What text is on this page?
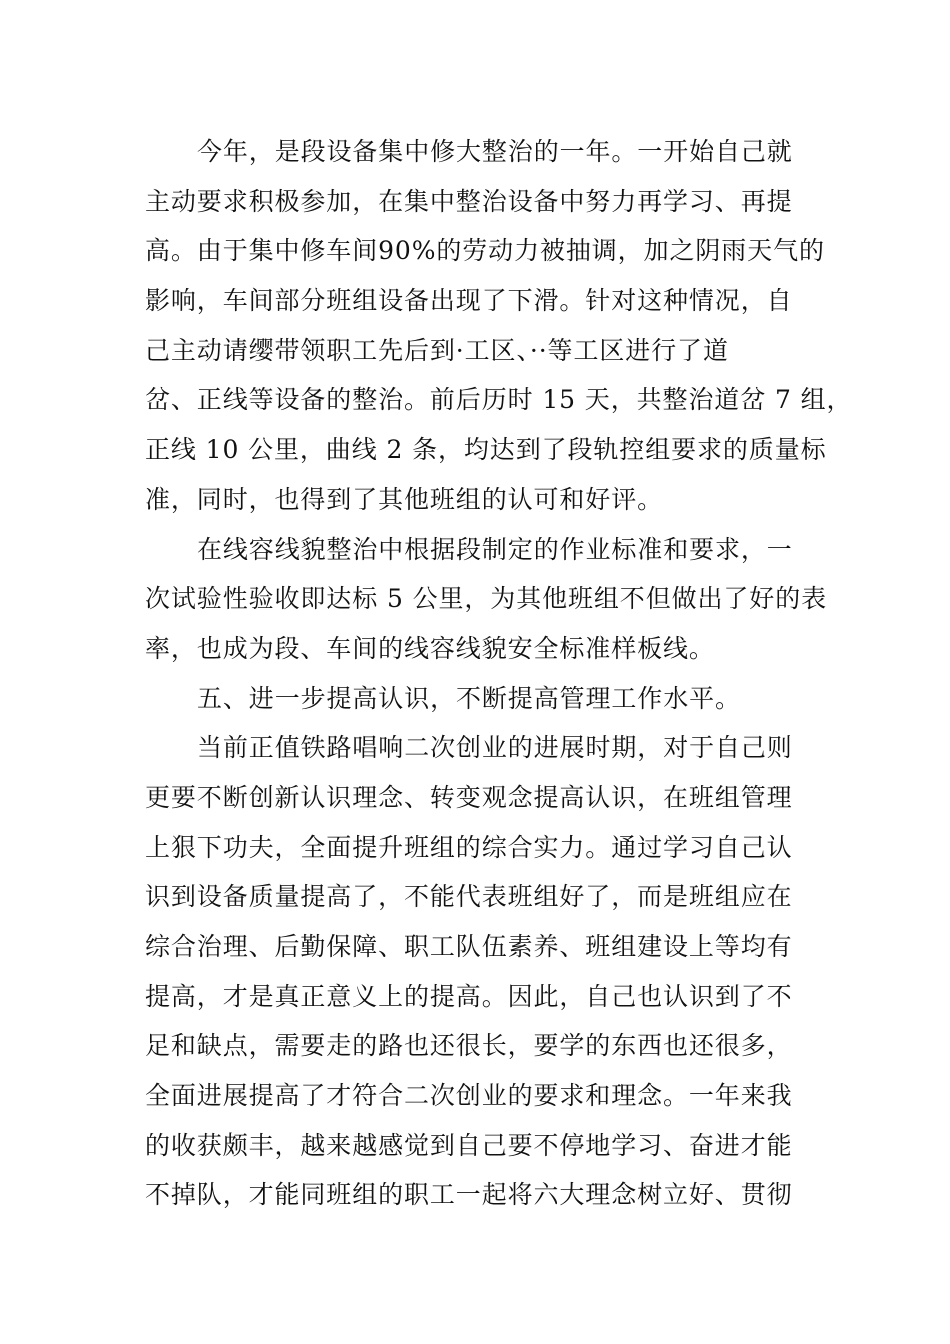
今年，是段设备集中修大整治的一年。一开始自己就
主动要求积极参加，在集中整治设备中努力再学习、再提
高。由于集中修车间90%的劳动力被抽调，加之阴雨天气的
影响，车间部分班组设备出现了下滑。针对这种情况，自
己主动请缨带领职工先后到·工区、··等工区进行了道
岔、正线等设备的整治。前后历时 15 天，共整治道岔 7 组，
正线 10 公里，曲线 2 条，均达到了段轨控组要求的质量标
准，同时，也得到了其他班组的认可和好评。

在线容线貌整治中根据段制定的作业标准和要求，一
次试验性验收即达标 5 公里，为其他班组不但做出了好的表
率，也成为段、车间的线容线貌安全标准样板线。

五、进一步提高认识，不断提高管理工作水平。

当前正值铁路唱响二次创业的进展时期，对于自己则
更要不断创新认识理念、转变观念提高认识，在班组管理
上狠下功夫，全面提升班组的综合实力。通过学习自己认
识到设备质量提高了，不能代表班组好了，而是班组应在
综合治理、后勤保障、职工队伍素养、班组建设上等均有
提高，才是真正意义上的提高。因此，自己也认识到了不
足和缺点，需要走的路也还很长，要学的东西也还很多，
全面进展提高了才符合二次创业的要求和理念。一年来我
的收获颇丰，越来越感觉到自己要不停地学习、奋进才能
不掉队，才能同班组的职工一起将六大理念树立好、贯彻
